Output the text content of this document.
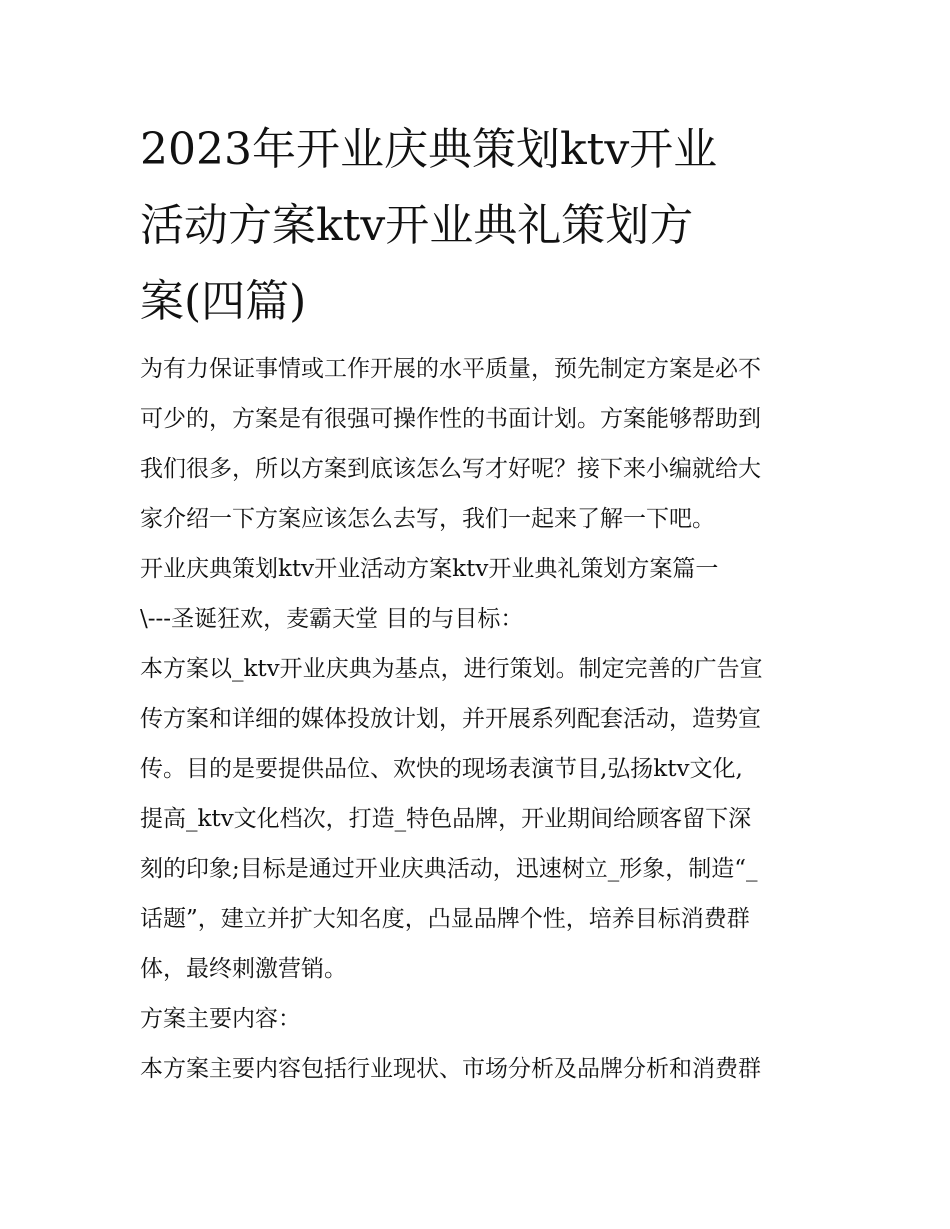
2023年开业庆典策划ktv开业
活动方案ktv开业典礼策划方
案(四篇)
为有力保证事情或工作开展的水平质量，预先制定方案是必不
可少的，方案是有很强可操作性的书面计划。方案能够帮助到
我们很多，所以方案到底该怎么写才好呢？接下来小编就给大
家介绍一下方案应该怎么去写，我们一起来了解一下吧。
开业庆典策划ktv开业活动方案ktv开业典礼策划方案篇一
\---圣诞狂欢，麦霸天堂 目的与目标：
本方案以_ktv开业庆典为基点，进行策划。制定完善的广告宣
传方案和详细的媒体投放计划，并开展系列配套活动，造势宣
传。目的是要提供品位、欢快的现场表演节目,弘扬ktv文化,
提高_ktv文化档次，打造_特色品牌，开业期间给顾客留下深
刻的印象;目标是通过开业庆典活动，迅速树立_形象，制造“_
话题”，建立并扩大知名度，凸显品牌个性，培养目标消费群
体，最终刺激营销。
方案主要内容：
本方案主要内容包括行业现状、市场分析及品牌分析和消费群
